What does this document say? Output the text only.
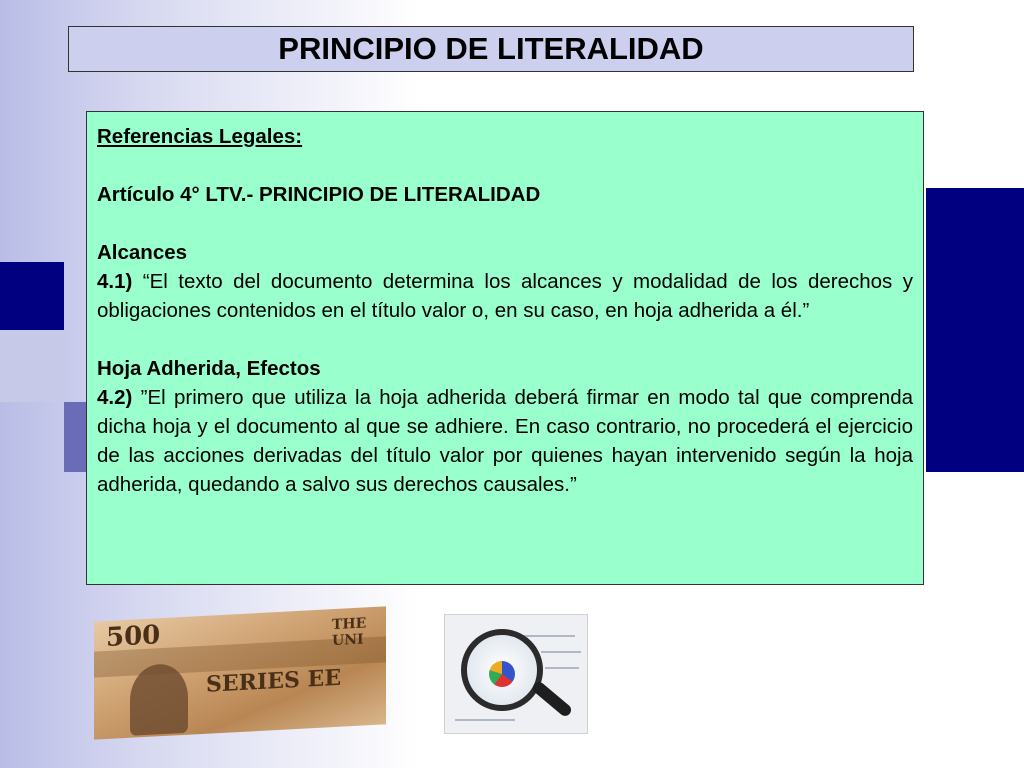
PRINCIPIO DE LITERALIDAD

Referencias Legales:

Artículo 4° LTV.- PRINCIPIO DE LITERALIDAD

Alcances

4.1) “El texto del documento determina los alcances y modalidad de los derechos y obligaciones contenidos en el título valor o, en su caso, en hoja adherida a él.”

Hoja Adherida, Efectos

4.2) ”El primero que utiliza la hoja adherida deberá firmar en modo tal que comprenda dicha hoja y el documento al que se adhiere. En caso contrario, no procederá el ejercicio de las acciones derivadas del título valor por quienes hayan intervenido según la hoja adherida, quedando a salvo sus derechos causales.”

500
SERIES EE
THE UNI
